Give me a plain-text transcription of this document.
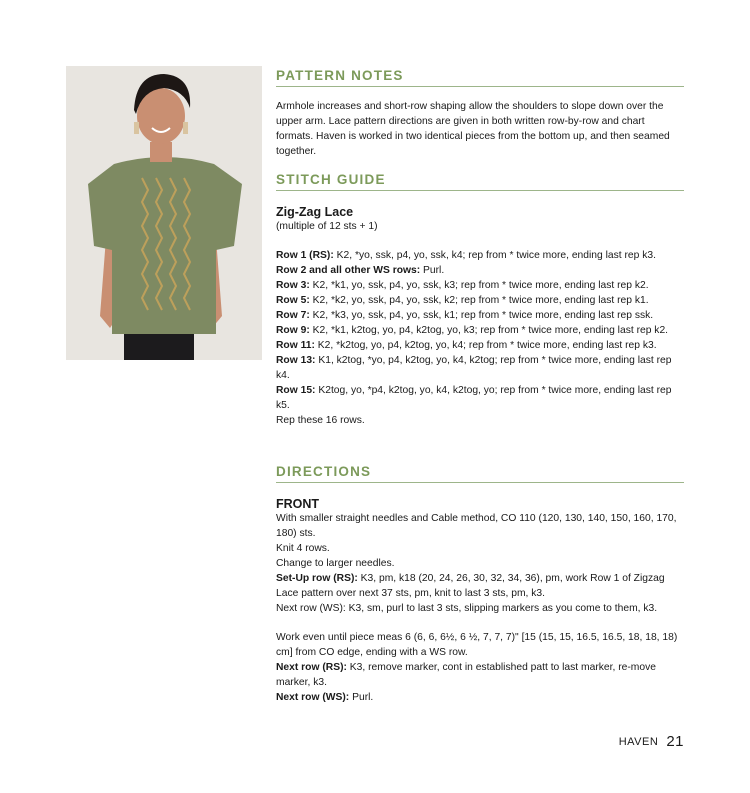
PATTERN NOTES

Armhole increases and short-row shaping allow the shoulders to slope down over the upper arm. Lace pattern directions are given in both written row-by-row and chart formats. Haven is worked in two identical pieces from the bottom up, and then seamed together.

STITCH GUIDE
Zig-Zag Lace

(multiple of 12 sts + 1)

Row 1 (RS): K2, *yo, ssk, p4, yo, ssk, k4; rep from * twice more, ending last rep k3.

Row 2 and all other WS rows: Purl.

Row 3: K2, *k1, yo, ssk, p4, yo, ssk, k3; rep from * twice more, ending last rep k2.

Row 5: K2, *k2, yo, ssk, p4, yo, ssk, k2; rep from * twice more, ending last rep k1.

Row 7: K2, *k3, yo, ssk, p4, yo, ssk, k1; rep from * twice more, ending last rep ssk.

Row 9: K2, *k1, k2tog, yo, p4, k2tog, yo, k3; rep from * twice more, ending last rep k2.

Row 11: K2, *k2tog, yo, p4, k2tog, yo, k4; rep from * twice more, ending last rep k3.

Row 13: K1, k2tog, *yo, p4, k2tog, yo, k4, k2tog; rep from * twice more, ending last rep k4.

Row 15: K2tog, yo, *p4, k2tog, yo, k4, k2tog, yo; rep from * twice more, ending last rep k5.

Rep these 16 rows.

DIRECTIONS
FRONT

With smaller straight needles and Cable method, CO 110 (120, 130, 140, 150, 160, 170, 180) sts.

Knit 4 rows.

Change to larger needles.

Set-Up row (RS): K3, pm, k18 (20, 24, 26, 30, 32, 34, 36), pm, work Row 1 of Zigzag Lace pattern over next 37 sts, pm, knit to last 3 sts, pm, k3.

Next row (WS): K3, sm, purl to last 3 sts, slipping markers as you come to them, k3.

Work even until piece meas 6 (6, 6, 6½, 6 ½, 7, 7, 7)" [15 (15, 15, 16.5, 16.5, 18, 18, 18) cm] from CO edge, ending with a WS row.

Next row (RS): K3, remove marker, cont in established patt to last marker, re-move marker, k3.

Next row (WS): Purl.

HAVEN 21
